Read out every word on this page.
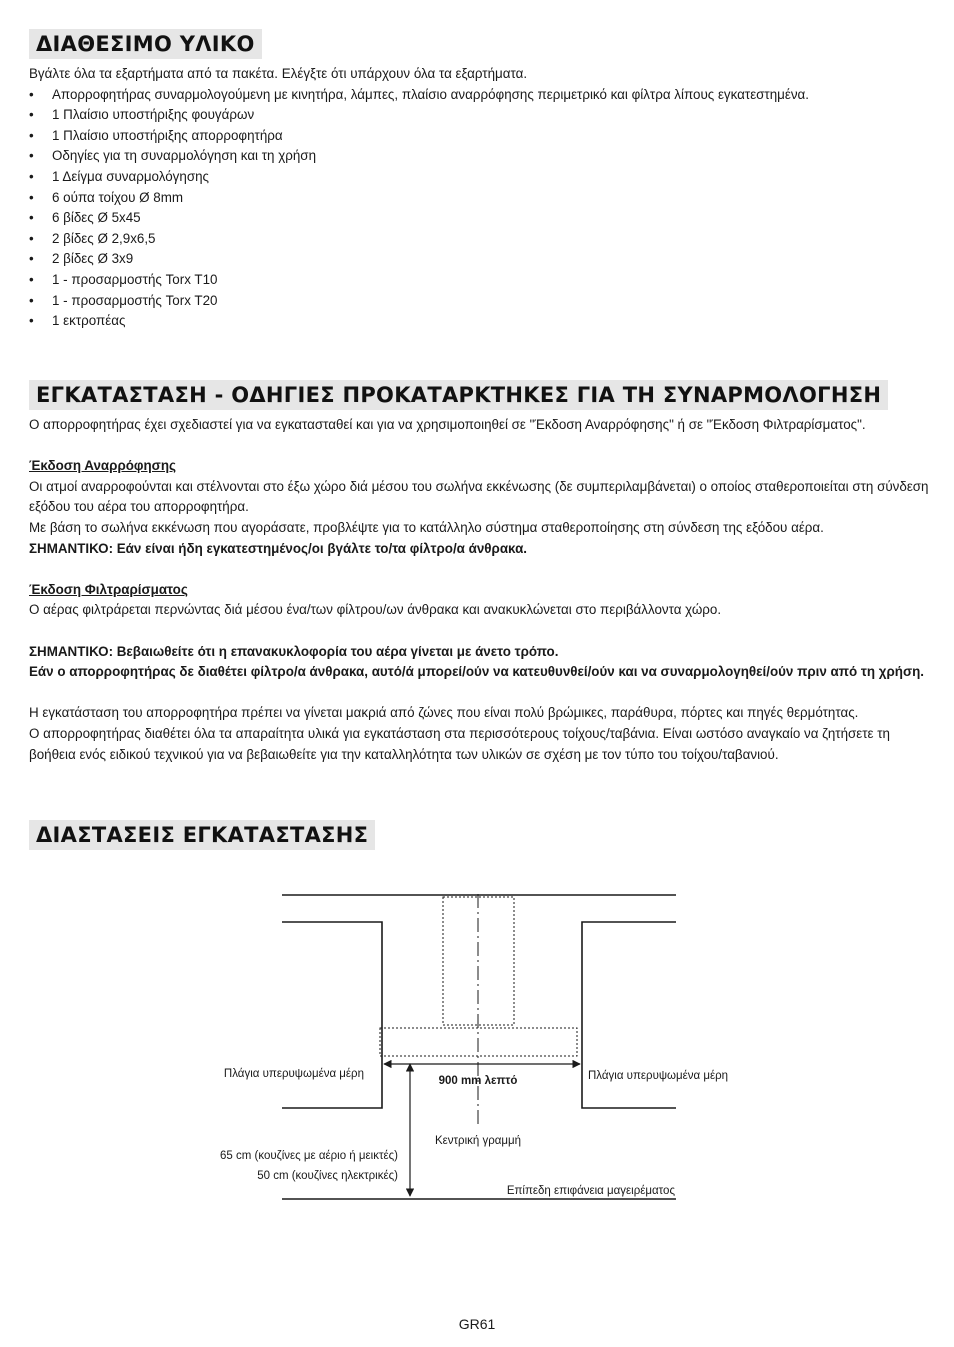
ΔΙΑΘΕΣΙΜΟ ΥΛΙΚΟ

Βγάλτε όλα τα εξαρτήματα από τα πακέτα. Ελέγξτε ότι υπάρχουν όλα τα εξαρτήματα.

•	Απορροφητήρας συναρμολογούμενη με κινητήρα, λάμπες, πλαίσιο αναρρόφησης περιμετρικό και φίλτρα λίπους εγκατεστημένα.
•	1 Πλαίσιο υποστήριξης φουγάρων
•	1 Πλαίσιο υποστήριξης απορροφητήρα
•	Οδηγίες για τη συναρμολόγηση και τη χρήση
•	1 Δείγμα συναρμολόγησης
•	6 ούπα τοίχου Ø 8mm
•	6 βίδες Ø 5x45
•	2 βίδες Ø 2,9x6,5
•	2 βίδες Ø 3x9
•	1 - προσαρμοστής Torx T10
•	1 - προσαρμοστής Torx T20
•	1 εκτροπέας
ΕΓΚΑΤΑΣΤΑΣΗ - ΟΔΗΓΙΕΣ ΠΡΟΚΑΤΑΡΚΤΗΚΕΣ ΓΙΑ ΤΗ ΣΥΝΑΡΜΟΛΟΓΗΣΗ

Ο απορροφητήρας έχει σχεδιαστεί για να εγκατασταθεί και για να χρησιμοποιηθεί σε "Έκδοση Αναρρόφησης" ή σε "Έκδοση Φιλτραρίσματος".

Έκδοση Αναρρόφησης

Οι ατμοί αναρροφούνται και στέλνονται στο έξω χώρο διά μέσου του σωλήνα εκκένωσης (δε συμπεριλαμβάνεται) ο οποίος σταθεροποιείται στη σύνδεση εξόδου του αέρα του απορροφητήρα.

Με βάση το σωλήνα εκκένωση που αγοράσατε, προβλέψτε για το κατάλληλο σύστημα σταθεροποίησης στη σύνδεση της εξόδου αέρα.

ΣΗΜΑΝΤΙΚΟ: Εάν είναι ήδη εγκατεστημένος/οι βγάλτε το/τα φίλτρο/α άνθρακα.

Έκδοση Φιλτραρίσματος

Ο αέρας φιλτράρεται περνώντας διά μέσου ένα/των φίλτρου/ων άνθρακα και ανακυκλώνεται στο περιβάλλοντα χώρο.

ΣΗΜΑΝΤΙΚΟ: Βεβαιωθείτε ότι η επανακυκλοφορία του αέρα γίνεται με άνετο τρόπο.

Εάν ο απορροφητήρας δε διαθέτει φίλτρο/α άνθρακα, αυτό/ά μπορεί/ούν να κατευθυνθεί/ούν και να συναρμολογηθεί/ούν πριν από τη χρήση.

Η εγκατάσταση του απορροφητήρα πρέπει να γίνεται μακριά από ζώνες που είναι πολύ βρώμικες, παράθυρα, πόρτες και πηγές θερμότητας.

Ο απορροφητήρας διαθέτει όλα τα απαραίτητα υλικά για εγκατάσταση στα περισσότερους τοίχους/ταβάνια. Είναι ωστόσο αναγκαίο να ζητήσετε τη βοήθεια ενός ειδικού τεχνικού για να βεβαιωθείτε για την καταλληλότητα των υλικών σε σχέση με τον τύπο του τοίχου/ταβανιού.

ΔΙΑΣΤΑΣΕΙΣ ΕΓΚΑΤΑΣΤΑΣΗΣ
Πλάγια υπερυψωμένα μέρη	Πλάγια υπερυψωμένα μέρη
900 mm λεπτό
Κεντρική γραμμή
65 cm (κουζίνες με αέριο ή μεικτές)
50 cm (κουζίνες ηλεκτρικές)
Επίπεδη επιφάνεια μαγειρέματος
GR61
